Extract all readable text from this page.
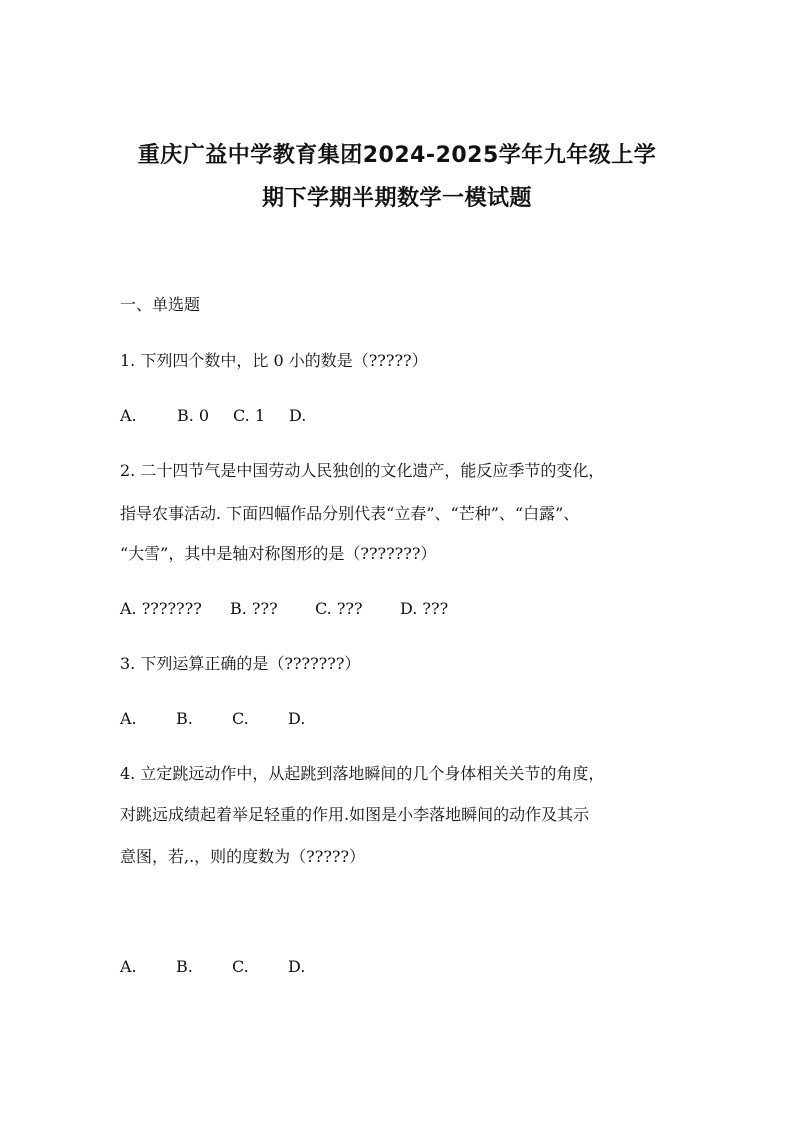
重庆广益中学教育集团2024-2025学年九年级上学
期下学期半期数学一模试题
一、单选题
1. 下列四个数中，比 0 小的数是（?????）
A.	B. 0 C. 1 D.
2. 二十四节气是中国劳动人民独创的文化遗产，能反应季节的变化，
指导农事活动. 下面四幅作品分别代表“立春”、“芒种”、“白露”、
“大雪”，其中是轴对称图形的是（???????）
A. ??????? B. ??? C. ??? D. ???
3. 下列运算正确的是（???????）
A. B. C. D.
4. 立定跳远动作中，从起跳到落地瞬间的几个身体相关关节的角度，
对跳远成绩起着举足轻重的作用.如图是小李落地瞬间的动作及其示
意图，若,.，则的度数为（?????）
A. B. C. D.
